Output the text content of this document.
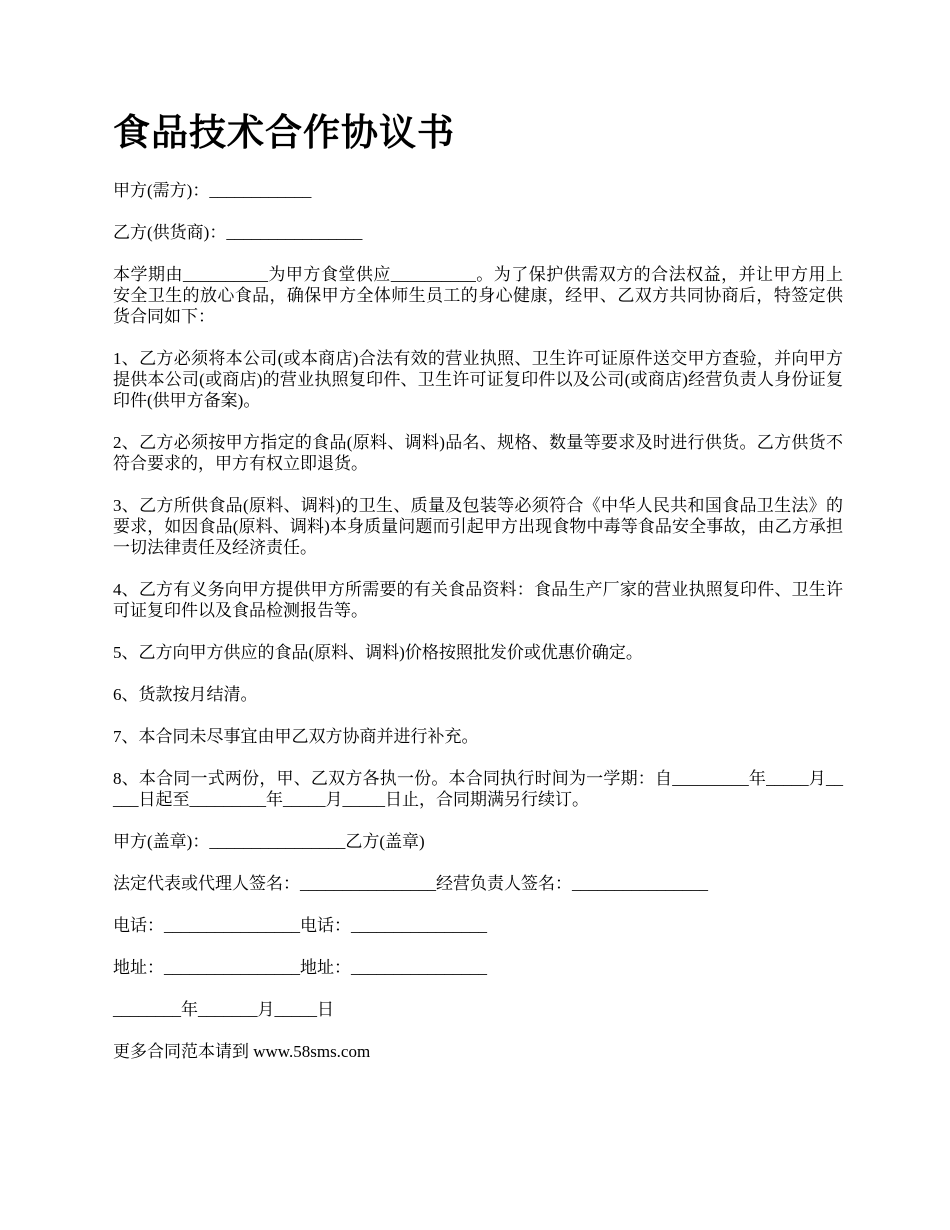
食品技术合作协议书

甲方(需方)：____________

乙方(供货商)：________________

本学期由__________为甲方食堂供应__________。为了保护供需双方的合法权益，并让甲方用上安全卫生的放心食品，确保甲方全体师生员工的身心健康，经甲、乙双方共同协商后，特签定供货合同如下：

1、乙方必须将本公司(或本商店)合法有效的营业执照、卫生许可证原件送交甲方查验，并向甲方提供本公司(或商店)的营业执照复印件、卫生许可证复印件以及公司(或商店)经营负责人身份证复印件(供甲方备案)。

2、乙方必须按甲方指定的食品(原料、调料)品名、规格、数量等要求及时进行供货。乙方供货不符合要求的，甲方有权立即退货。

3、乙方所供食品(原料、调料)的卫生、质量及包装等必须符合《中华人民共和国食品卫生法》的要求，如因食品(原料、调料)本身质量问题而引起甲方出现食物中毒等食品安全事故，由乙方承担一切法律责任及经济责任。

4、乙方有义务向甲方提供甲方所需要的有关食品资料：食品生产厂家的营业执照复印件、卫生许可证复印件以及食品检测报告等。

5、乙方向甲方供应的食品(原料、调料)价格按照批发价或优惠价确定。

6、货款按月结清。

7、本合同未尽事宜由甲乙双方协商并进行补充。

8、本合同一式两份，甲、乙双方各执一份。本合同执行时间为一学期：自_________年_____月_____日起至_________年_____月_____日止，合同期满另行续订。

甲方(盖章)：________________乙方(盖章)

法定代表或代理人签名：________________经营负责人签名：________________

电话：________________电话：________________

地址：________________地址：________________

________年_______月_____日

更多合同范本请到 www.58sms.com
